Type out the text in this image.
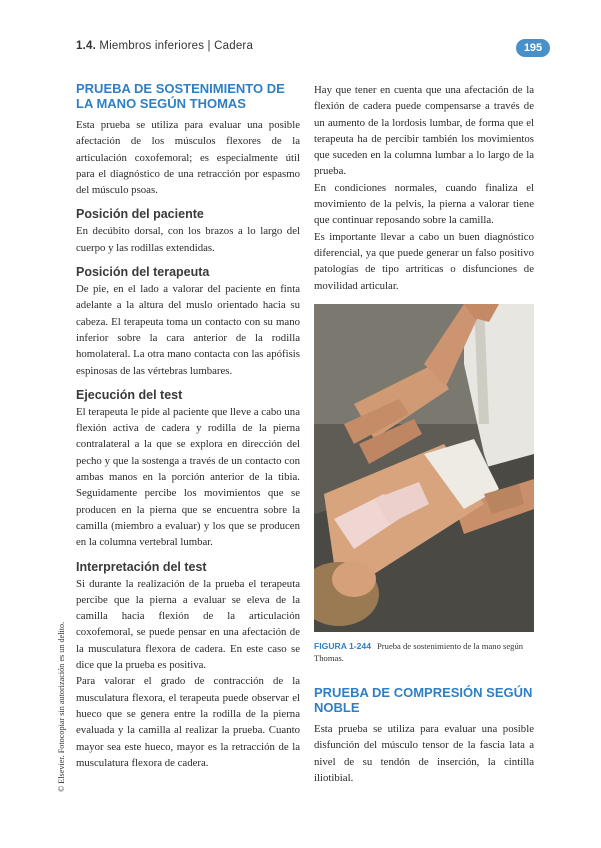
1.4. Miembros inferiores | Cadera	195
PRUEBA DE SOSTENIMIENTO DE LA MANO SEGÚN THOMAS

Esta prueba se utiliza para evaluar una posible afectación de los músculos flexores de la articulación coxofemoral; es especialmente útil para el diagnóstico de una retracción por espasmo del músculo psoas.

Posición del paciente

En decúbito dorsal, con los brazos a lo largo del cuerpo y las rodillas extendidas.

Posición del terapeuta

De pie, en el lado a valorar del paciente en finta adelante a la altura del muslo orientado hacia su cabeza. El terapeuta toma un contacto con su mano inferior sobre la cara anterior de la rodilla homolateral. La otra mano contacta con las apófisis espinosas de las vértebras lumbares.

Ejecución del test

El terapeuta le pide al paciente que lleve a cabo una flexión activa de cadera y rodilla de la pierna contralateral a la que se explora en dirección del pecho y que la sostenga a través de un contacto con ambas manos en la porción anterior de la tibia. Seguidamente percibe los movimientos que se producen en la pierna que se encuentra sobre la camilla (miembro a evaluar) y los que se producen en la columna vertebral lumbar.

Interpretación del test

Si durante la realización de la prueba el terapeuta percibe que la pierna a evaluar se eleva de la camilla hacia flexión de la articulación coxofemoral, se puede pensar en una afectación de la musculatura flexora de cadera. En este caso se dice que la prueba es positiva.

Para valorar el grado de contracción de la musculatura flexora, el terapeuta puede observar el hueco que se genera entre la rodilla de la pierna evaluada y la camilla al realizar la prueba. Cuanto mayor sea este hueco, mayor es la retracción de la musculatura flexora de cadera.

Hay que tener en cuenta que una afectación de la flexión de cadera puede compensarse a través de un aumento de la lordosis lumbar, de forma que el terapeuta ha de percibir también los movimientos que suceden en la columna lumbar a lo largo de la prueba.

En condiciones normales, cuando finaliza el movimiento de la pelvis, la pierna a valorar tiene que continuar reposando sobre la camilla.

Es importante llevar a cabo un buen diagnóstico diferencial, ya que puede generar un falso positivo patologías de tipo artríticas o disfunciones de movilidad articular.

FIGURA 1-244 Prueba de sostenimiento de la mano según Thomas.
PRUEBA DE COMPRESIÓN SEGÚN NOBLE

Esta prueba se utiliza para evaluar una posible disfunción del músculo tensor de la fascia lata a nivel de su tendón de inserción, la cintilla iliotibial.

© Elsevier. Fotocopiar sin autorización es un delito.
